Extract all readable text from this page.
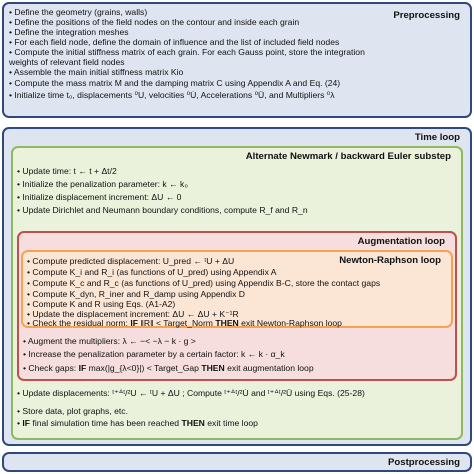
Preprocessing
• Define the geometry (grains, walls)
• Define the positions of the field nodes on the contour and inside each grain
• Define the integration meshes
• For each field node, define the domain of influence and the list of included field nodes
• Compute the initial stiffness matrix of each grain. For each Gauss point, store the integration
weights of relevant field nodes
• Assemble the main initial stiffness matrix Kio
• Compute the mass matrix M and the damping matrix C using Appendix A and Eq. (24)
• Initialize time t₀, displacements ⁰U, velocities ⁰U̇, Accelerations ⁰Ü, and Multipliers ⁰λ
Time loop
Alternate Newmark / backward Euler substep
• Update time: t ← t + Δt/2
• Initialize the penalization parameter: k ← k₀
• Initialize displacement increment: ΔU ← 0
• Update Dirichlet and Neumann boundary conditions, compute R_f and R_n
Augmentation loop
Newton-Raphson loop
• Compute predicted displacement: U_pred ← ᵗU + ΔU
• Compute K_i and R_i (as functions of U_pred) using Appendix A
• Compute K_c and R_c (as functions of U_pred) using Appendix B-C, store the contact gaps
• Compute K_dyn, R_iner and R_damp using Appendix D
• Compute K and R using Eqs. (A1-A2)
• Update the displacement increment: ΔU ← ΔU + K⁻¹R
• Check the residual norm: IF ‖R‖ < Target_Norm THEN exit Newton-Raphson loop
• Augment the multipliers: λ ← −< −λ − k · g >
• Increase the penalization parameter by a certain factor: k ← k · α_k
• Check gaps: IF max(|g_{λ<0}|) < Target_Gap THEN exit augmentation loop
• Update displacements: ᵗ⁺ᐞᵗ/²U ← ᵗU + ΔU ; Compute ᵗ⁺ᐞᵗ/²U̇ and ᵗ⁺ᐞᵗ/²Ü using Eqs. (25-28)
• Store data, plot graphs, etc.
• IF final simulation time has been reached THEN exit time loop
Postprocessing
